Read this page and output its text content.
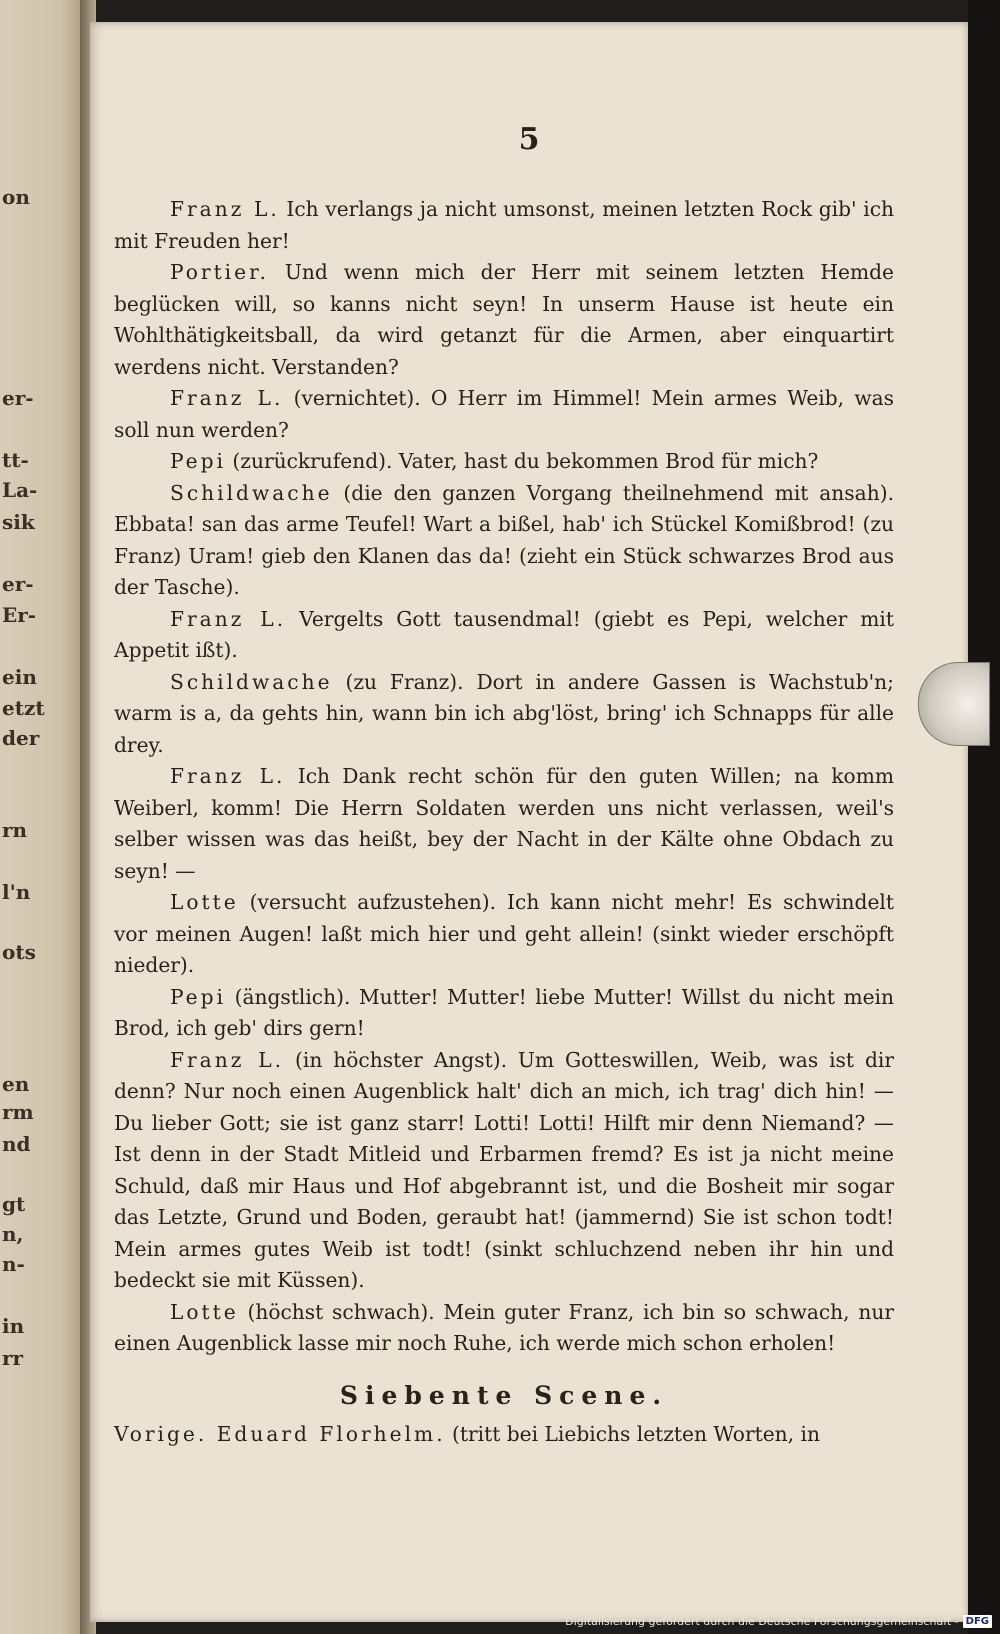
on
er-
tt-
La-
sik
er-
Er-
ein
etzt
der
rn
l'n
ots
en
rm
nd
gt
n,
n-
in
rr
5

Franz L. Ich verlangs ja nicht umsonst, meinen letzten Rock gib' ich mit Freuden her!

Portier. Und wenn mich der Herr mit seinem letzten Hemde beglücken will, so kanns nicht seyn! In unserm Hause ist heute ein Wohlthätigkeitsball, da wird getanzt für die Armen, aber einquartirt werdens nicht. Verstanden?

Franz L. (vernichtet). O Herr im Himmel! Mein armes Weib, was soll nun werden?

Pepi (zurückrufend). Vater, hast du bekommen Brod für mich?

Schildwache (die den ganzen Vorgang theilnehmend mit ansah). Ebbata! san das arme Teufel! Wart a bißel, hab' ich Stückel Komißbrod! (zu Franz) Uram! gieb den Klanen das da! (zieht ein Stück schwarzes Brod aus der Tasche).

Franz L. Vergelts Gott tausendmal! (giebt es Pepi, welcher mit Appetit ißt).

Schildwache (zu Franz). Dort in andere Gassen is Wachstub'n; warm is a, da gehts hin, wann bin ich abg'löst, bring' ich Schnapps für alle drey.

Franz L. Ich Dank recht schön für den guten Willen; na komm Weiberl, komm! Die Herrn Soldaten werden uns nicht verlassen, weil's selber wissen was das heißt, bey der Nacht in der Kälte ohne Obdach zu seyn! —

Lotte (versucht aufzustehen). Ich kann nicht mehr! Es schwindelt vor meinen Augen! laßt mich hier und geht allein! (sinkt wieder erschöpft nieder).

Pepi (ängstlich). Mutter! Mutter! liebe Mutter! Willst du nicht mein Brod, ich geb' dirs gern!

Franz L. (in höchster Angst). Um Gotteswillen, Weib, was ist dir denn? Nur noch einen Augenblick halt' dich an mich, ich trag' dich hin! — Du lieber Gott; sie ist ganz starr! Lotti! Lotti! Hilft mir denn Niemand? — Ist denn in der Stadt Mitleid und Erbarmen fremd? Es ist ja nicht meine Schuld, daß mir Haus und Hof abgebrannt ist, und die Bosheit mir sogar das Letzte, Grund und Boden, geraubt hat! (jammernd) Sie ist schon todt! Mein armes gutes Weib ist todt! (sinkt schluchzend neben ihr hin und bedeckt sie mit Küssen).

Lotte (höchst schwach). Mein guter Franz, ich bin so schwach, nur einen Augenblick lasse mir noch Ruhe, ich werde mich schon erholen!

Siebente Scene.

Vorige. Eduard Florhelm. (tritt bei Liebichs letzten Worten, in

Digitalisierung gefördert durch die Deutsche Forschungsgemeinschaft - DFG
